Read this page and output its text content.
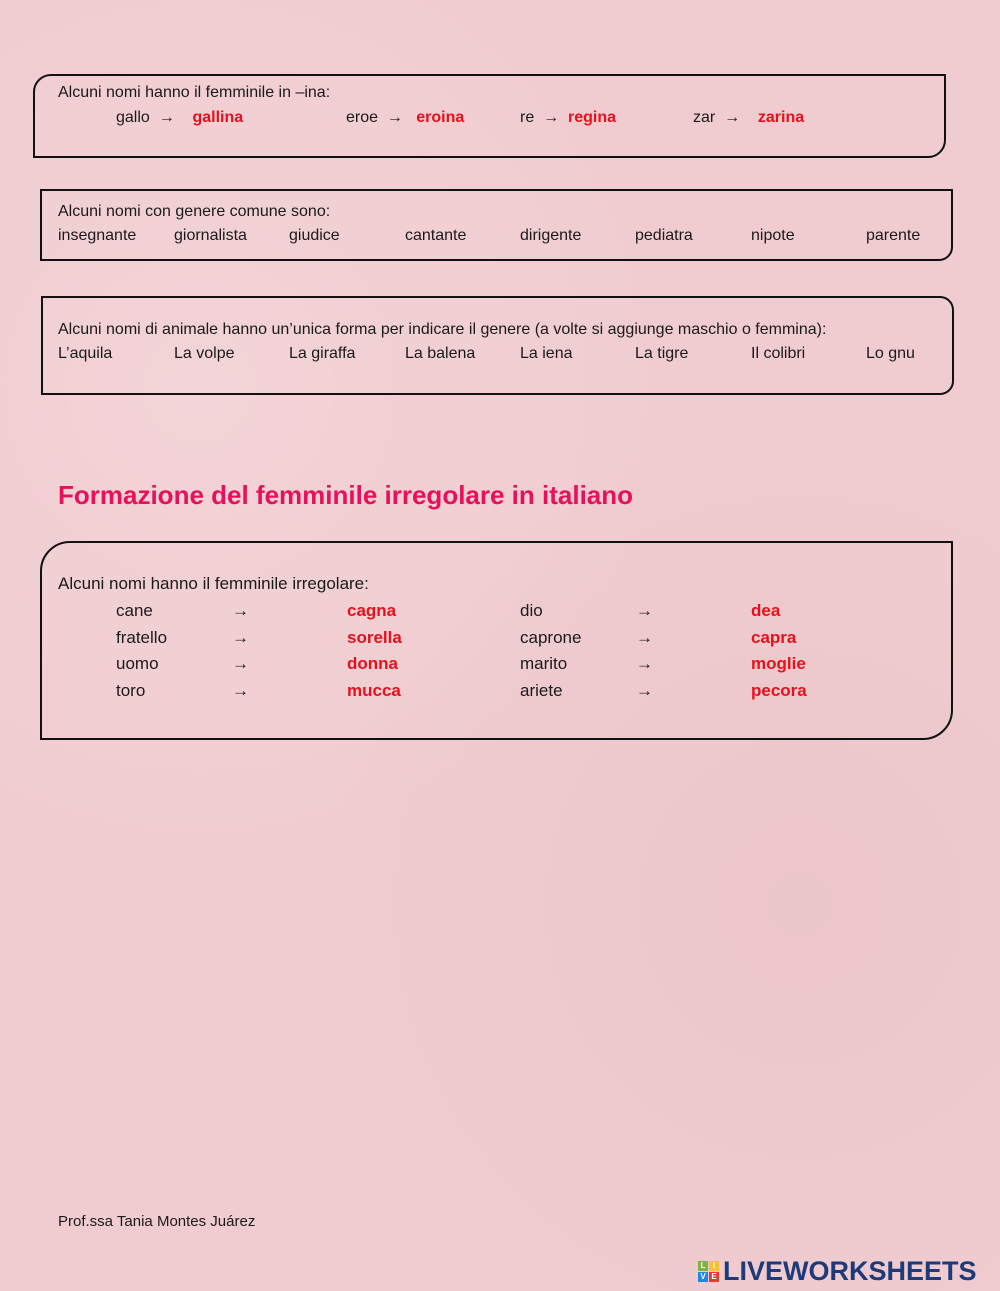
Alcuni nomi hanno il femminile in –ina:
gallo  →    gallina	eroe  →   eroina	re  →  regina	zar  →    zarina
Alcuni nomi con genere comune sono:
insegnante giornalista	giudice	cantante	dirigente	pediatra	nipote	parente
Alcuni nomi di animale hanno un’unica forma per indicare il genere (a volte si aggiunge maschio o femmina):
L’aquila	La volpe	La giraffa	La balena	La iena	La tigre	Il colibri	Lo gnu
Formazione del femminile irregolare in italiano
Alcuni nomi hanno il femminile irregolare:
cane	→	cagna	dio	→	dea
fratello	→	sorella	caprone	→	capra
uomo	→	donna	marito	→	moglie
toro	→	mucca	ariete	→	pecora
Prof.ssa Tania Montes Juárez
L I
V E LIVEWORKSHEETS
